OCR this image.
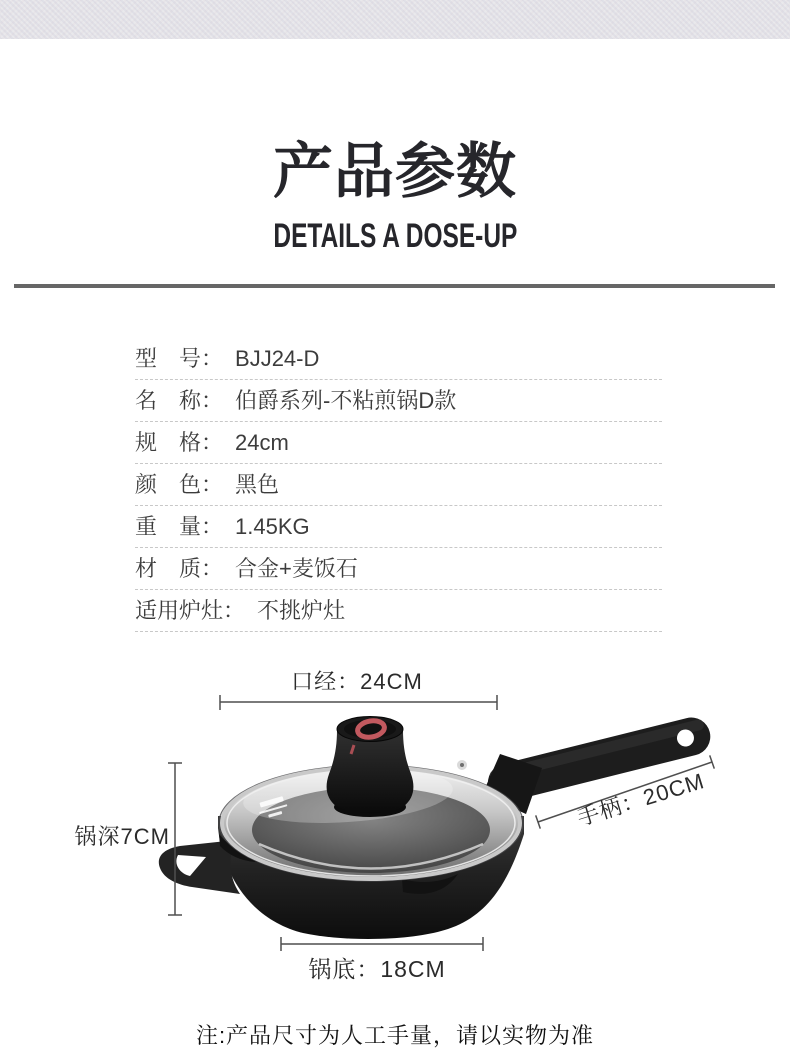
产品参数
DETAILS A DOSE-UP
型　号： BJJ24-D
名　称： 伯爵系列-不粘煎锅D款
规　格： 24cm
颜　色： 黑色
重　量： 1.45KG
材　质： 合金+麦饭石
适用炉灶： 不挑炉灶
口经：24CM
锅深7CM
手柄：20CM
锅底：18CM
注:产品尺寸为人工手量，请以实物为准
